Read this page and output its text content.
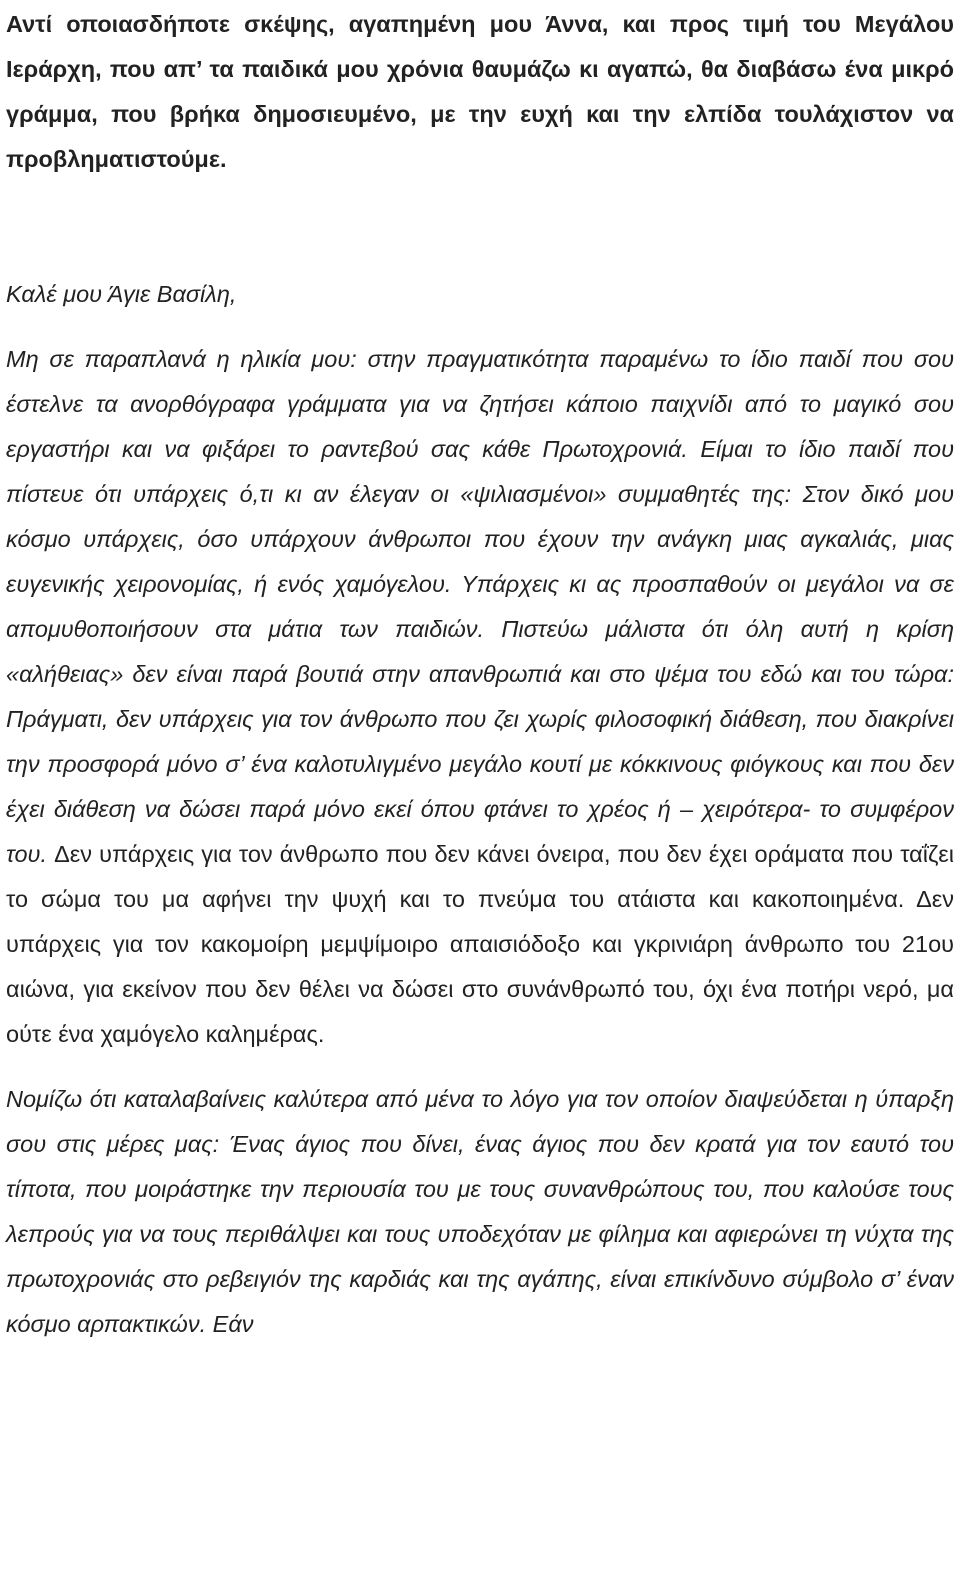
Αντί οποιασδήποτε σκέψης, αγαπημένη μου Άννα, και προς τιμή του Μεγάλου Ιεράρχη, που απ’ τα παιδικά μου χρόνια θαυμάζω κι αγαπώ, θα διαβάσω ένα μικρό γράμμα, που βρήκα δημοσιευμένο, με την ευχή και την ελπίδα τουλάχιστον να προβληματιστούμε.

Καλέ μου Άγιε Βασίλη,

Μη σε παραπλανά η ηλικία μου: στην πραγματικότητα παραμένω το ίδιο παιδί που σου έστελνε τα ανορθόγραφα γράμματα για να ζητήσει κάποιο παιχνίδι από το μαγικό σου εργαστήρι και να φιξάρει το ραντεβού σας κάθε Πρωτοχρονιά. Είμαι το ίδιο παιδί που πίστευε ότι υπάρχεις ό,τι κι αν έλεγαν οι «ψιλιασμένοι» συμμαθητές της: Στον δικό μου κόσμο υπάρχεις, όσο υπάρχουν άνθρωποι που έχουν την ανάγκη μιας αγκαλιάς, μιας ευγενικής χειρονομίας, ή ενός χαμόγελου. Υπάρχεις κι ας προσπαθούν οι μεγάλοι να σε απομυθοποιήσουν στα μάτια των παιδιών. Πιστεύω μάλιστα ότι όλη αυτή η κρίση «αλήθειας» δεν είναι παρά βουτιά στην απανθρωπιά και στο ψέμα του εδώ και του τώρα: Πράγματι, δεν υπάρχεις για τον άνθρωπο που ζει χωρίς φιλοσοφική διάθεση, που διακρίνει την προσφορά μόνο σ’ ένα καλοτυλιγμένο μεγάλο κουτί με κόκκινους φιόγκους και που δεν έχει διάθεση να δώσει παρά μόνο εκεί όπου φτάνει το χρέος ή – χειρότερα- το συμφέρον του. Δεν υπάρχεις για τον άνθρωπο που δεν κάνει όνειρα, που δεν έχει οράματα που ταΐζει το σώμα του μα αφήνει την ψυχή και το πνεύμα του ατάιστα και κακοποιημένα. Δεν υπάρχεις για τον κακομοίρη μεμψίμοιρο απαισιόδοξο και γκρινιάρη άνθρωπο του 21ου αιώνα, για εκείνον που δεν θέλει να δώσει στο συνάνθρωπό του, όχι ένα ποτήρι νερό, μα ούτε ένα χαμόγελο καλημέρας.

Νομίζω ότι καταλαβαίνεις καλύτερα από μένα το λόγο για τον οποίον διαψεύδεται η ύπαρξη σου στις μέρες μας: Ένας άγιος που δίνει, ένας άγιος που δεν κρατά για τον εαυτό του τίποτα, που μοιράστηκε την περιουσία του με τους συνανθρώπους του, που καλούσε τους λεπρούς για να τους περιθάλψει και τους υποδεχόταν με φίλημα και αφιερώνει τη νύχτα της πρωτοχρονιάς στο ρεβειγιόν της καρδιάς και της αγάπης, είναι επικίνδυνο σύμβολο σ’ έναν κόσμο αρπακτικών. Εάν
